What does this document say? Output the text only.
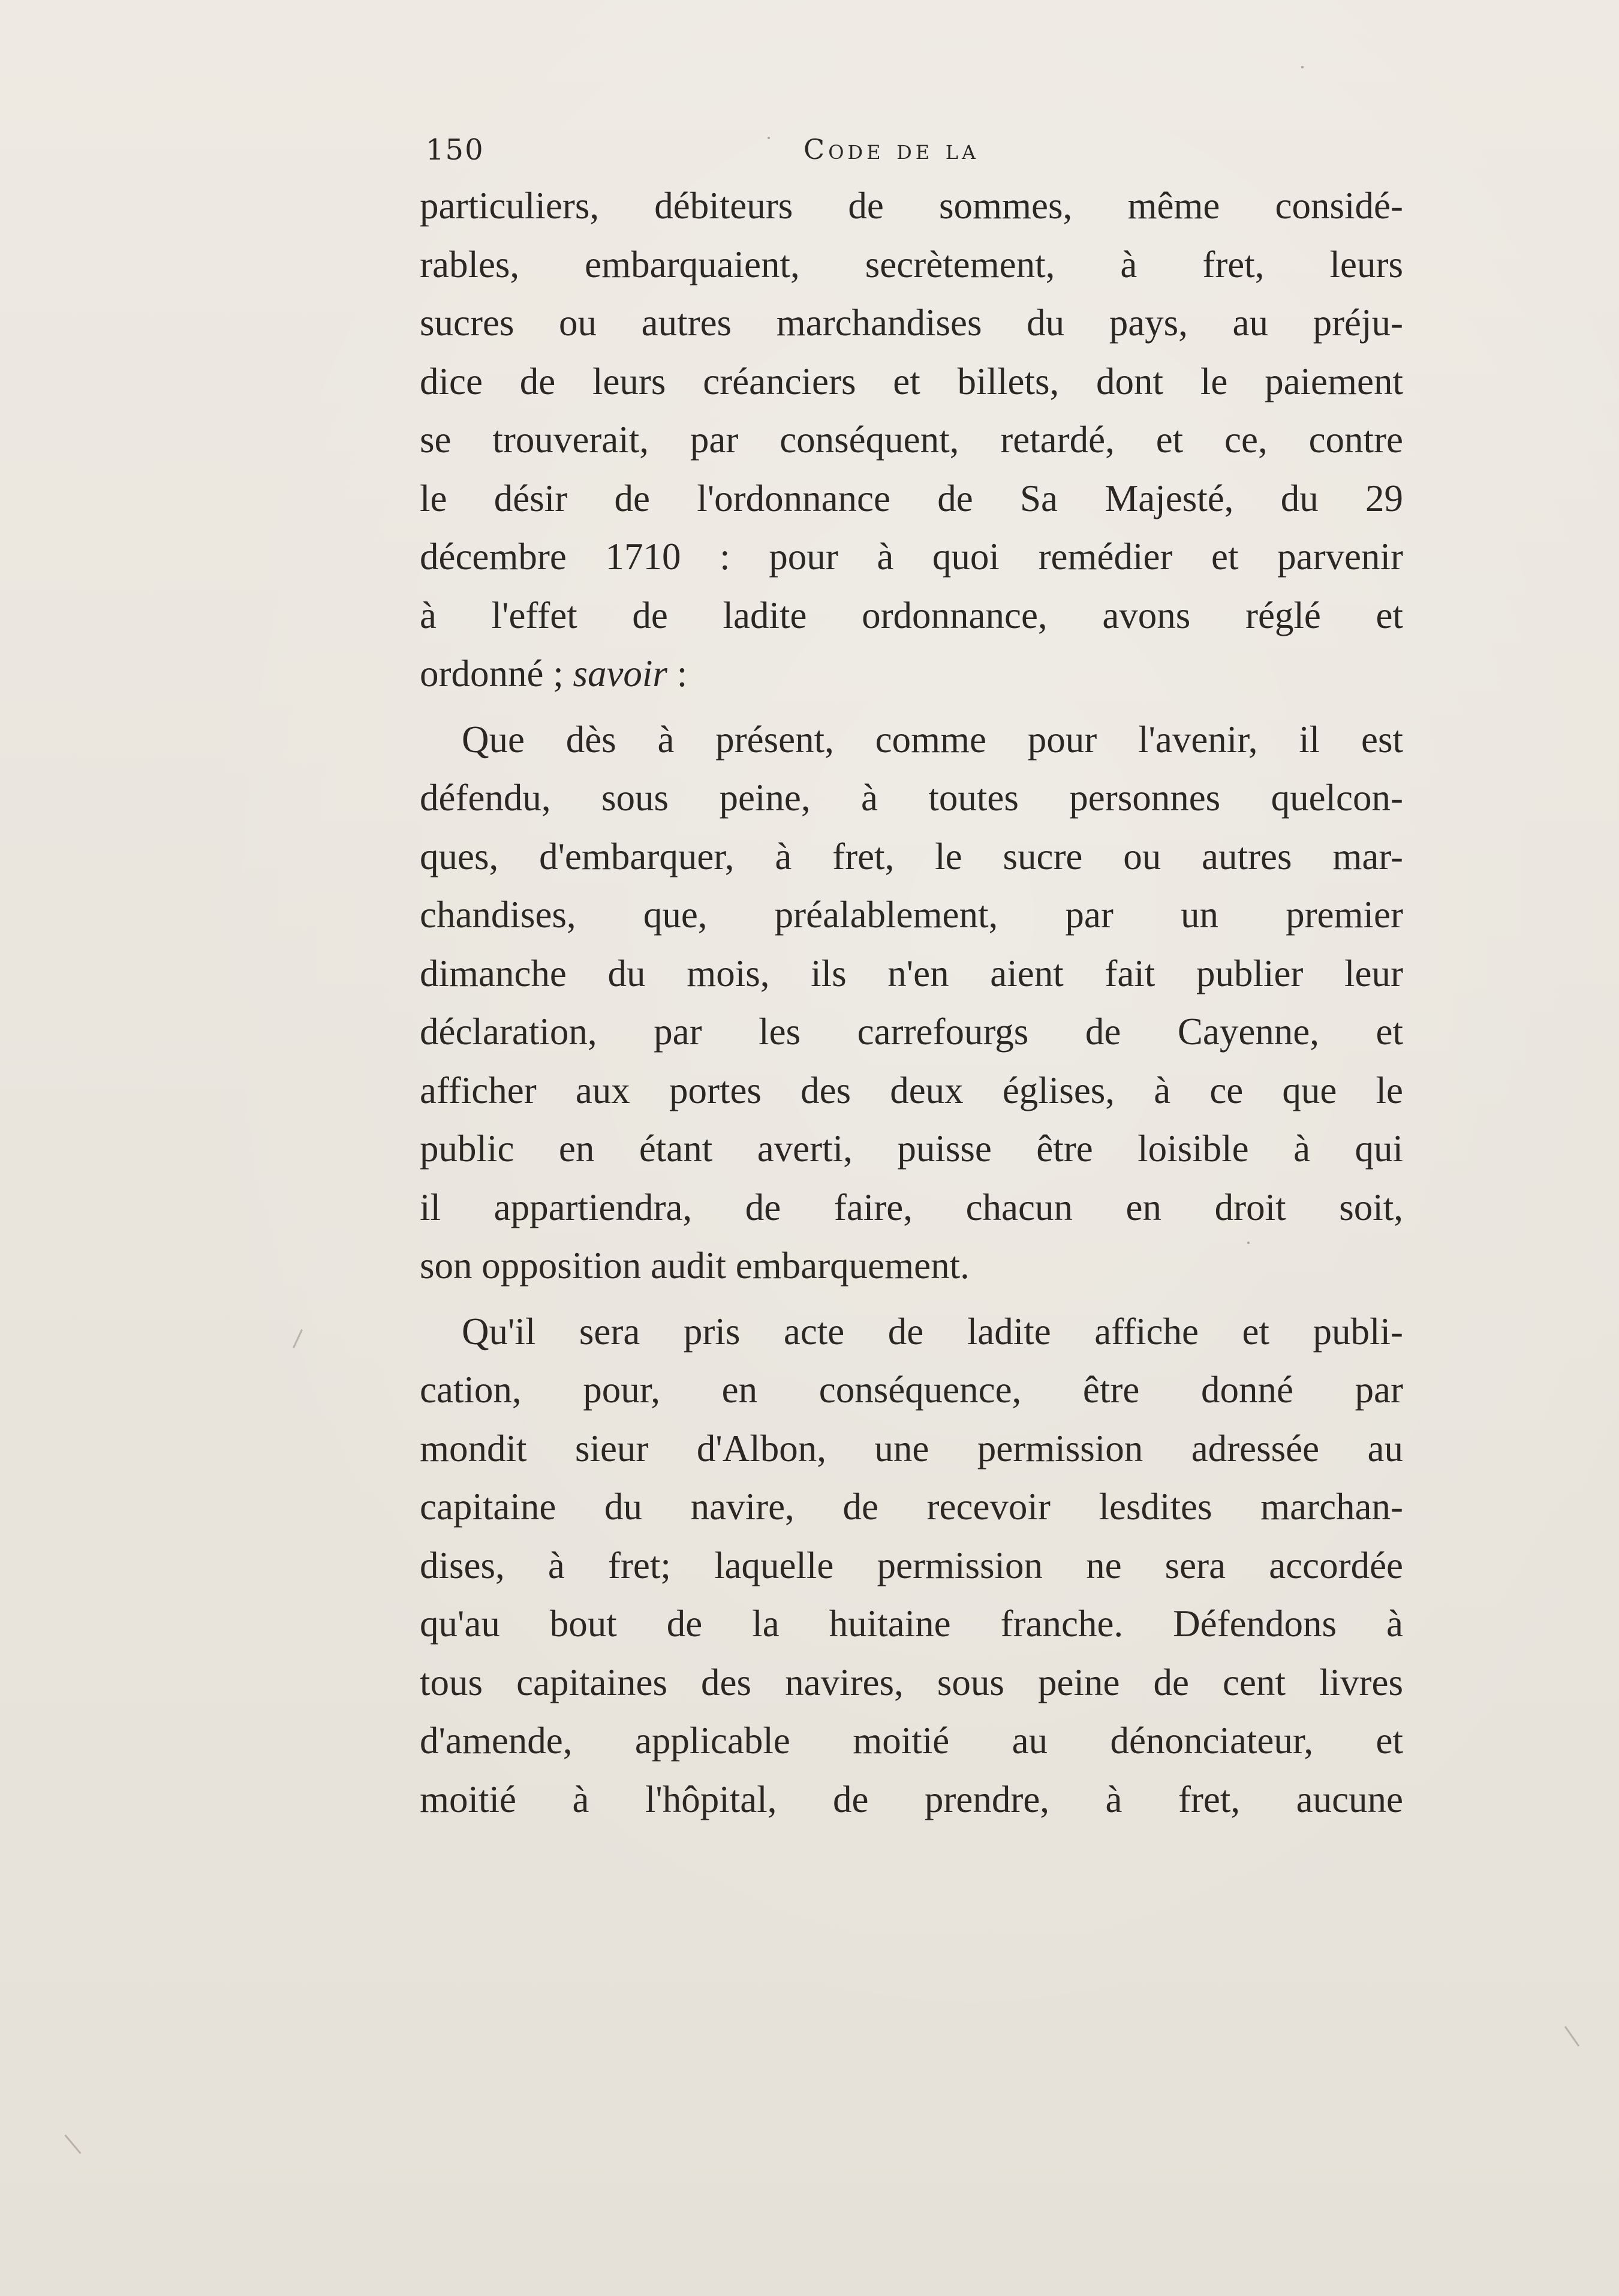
150	Code de la
particuliers, débiteurs de sommes, même considé-
rables, embarquaient, secrètement, à fret, leurs
sucres ou autres marchandises du pays, au préju-
dice de leurs créanciers et billets, dont le paiement
se trouverait, par conséquent, retardé, et ce, contre
le désir de l'ordonnance de Sa Majesté, du 29
décembre 1710 : pour à quoi remédier et parvenir
à l'effet de ladite ordonnance, avons réglé et
ordonné ; savoir :
Que dès à présent, comme pour l'avenir, il est
défendu, sous peine, à toutes personnes quelcon-
ques, d'embarquer, à fret, le sucre ou autres mar-
chandises, que, préalablement, par un premier
dimanche du mois, ils n'en aient fait publier leur
déclaration, par les carrefourgs de Cayenne, et
afficher aux portes des deux églises, à ce que le
public en étant averti, puisse être loisible à qui
il appartiendra, de faire, chacun en droit soit,
son opposition audit embarquement.
Qu'il sera pris acte de ladite affiche et publi-
cation, pour, en conséquence, être donné par
mondit sieur d'Albon, une permission adressée au
capitaine du navire, de recevoir lesdites marchan-
dises, à fret; laquelle permission ne sera accordée
qu'au bout de la huitaine franche. Défendons à
tous capitaines des navires, sous peine de cent livres
d'amende, applicable moitié au dénonciateur, et
moitié à l'hôpital, de prendre, à fret, aucune
